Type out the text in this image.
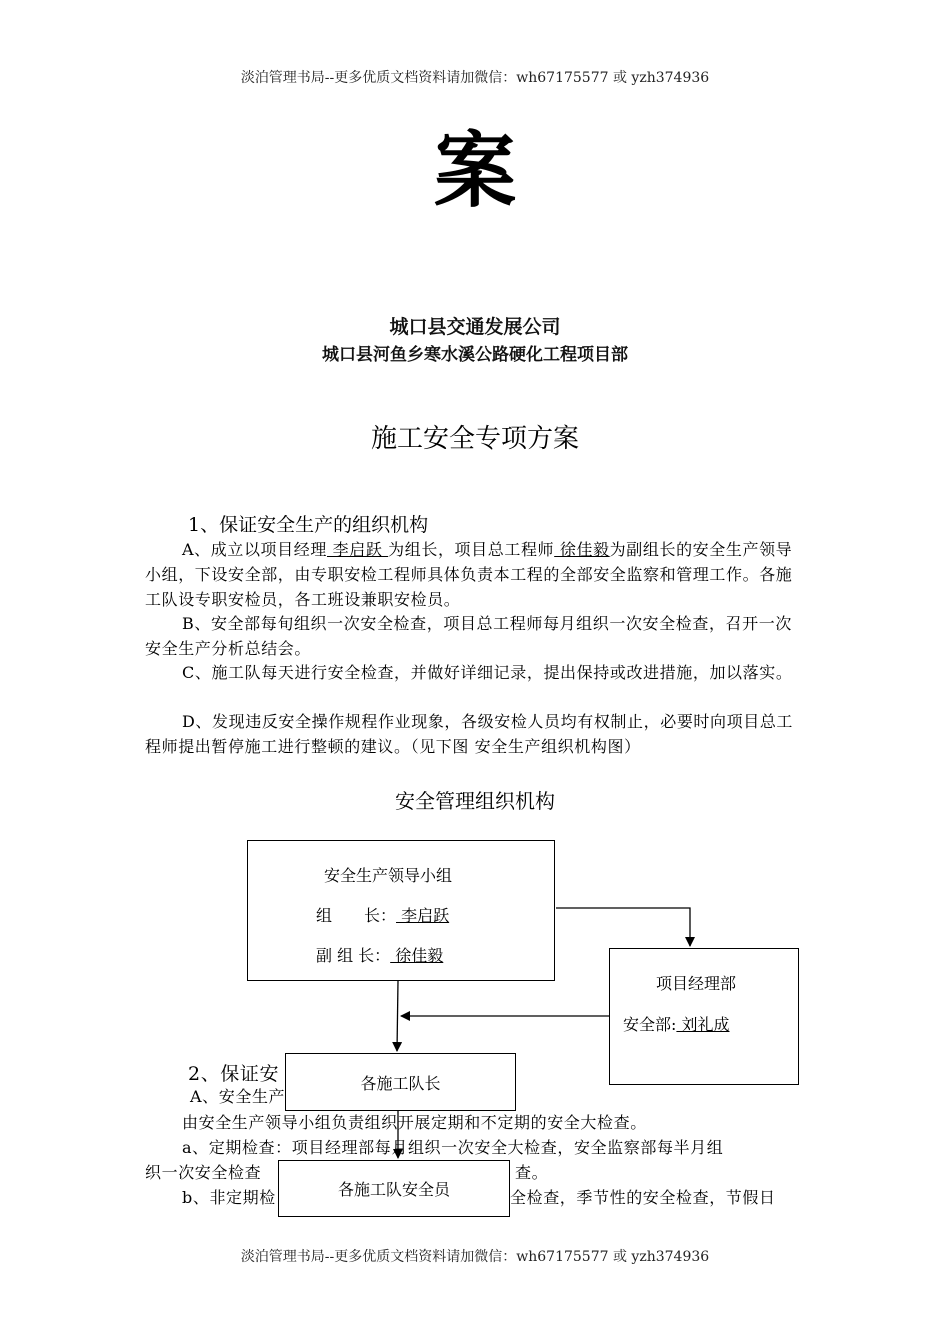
淡泊管理书局--更多优质文档资料请加微信：wh67175577 或 yzh374936
案
城口县交通发展公司
城口县河鱼乡寒水溪公路硬化工程项目部
施工安全专项方案
1、保证安全生产的组织机构
A、成立以项目经理 李启跃 为组长，项目总工程师 徐佳毅为副组长的安全生产领导小组，下设安全部，由专职安检工程师具体负责本工程的全部安全监察和管理工作。各施工队设专职安检员，各工班设兼职安检员。
B、安全部每旬组织一次安全检查，项目总工程师每月组织一次安全检查，召开一次安全生产分析总结会。
C、施工队每天进行安全检查，并做好详细记录，提出保持或改进措施，加以落实。
D、发现违反安全操作规程作业现象，各级安检人员均有权制止，必要时向项目总工程师提出暂停施工进行整顿的建议。（见下图 安全生产组织机构图）
安全管理组织机构
2、保证安
A、安全生产
由安全生产领导小组负责组织开展定期和不定期的安全大检查。
a、定期检查：项目经理部每月组织一次安全大检查，安全监察部每半月组
织一次安全检查	查。
b、非定期检	全检查，季节性的安全检查，节假日
安全生产领导小组
组　　长： 李启跃
副 组 长： 徐佳毅
项目经理部
安全部: 刘礼成
各施工队长
各施工队安全员
淡泊管理书局--更多优质文档资料请加微信：wh67175577 或 yzh374936
